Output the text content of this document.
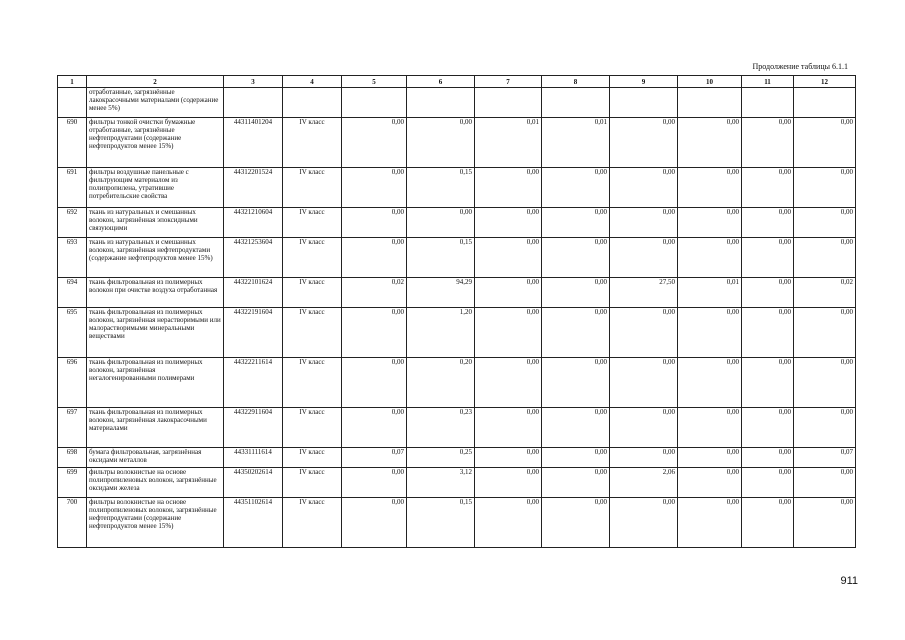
Продолжение таблицы 6.1.1
1	2	3	4	5	6	7	8	9	10	11	12
	отработанные, загрязнённые лакокрасочными материалами (содержание менее 5%)										
690	фильтры тонкой очистки бумажные отработанные, загрязнённые нефтепродуктами (содержание нефтепродуктов менее 15%)	44311401204	IV класс	0,00	0,00	0,01	0,01	0,00	0,00	0,00	0,00
691	фильтры воздушные панельные с фильтрующим материалом из полипропилена, утратившие потребительские свойства	44312201524	IV класс	0,00	0,15	0,00	0,00	0,00	0,00	0,00	0,00
692	ткань из натуральных и смешанных волокон, загрязнённая эпоксидными связующими	44321210604	IV класс	0,00	0,00	0,00	0,00	0,00	0,00	0,00	0,00
693	ткань из натуральных и смешанных волокон, загрязнённая нефтепродуктами (содержание нефтепродуктов менее 15%)	44321253604	IV класс	0,00	0,15	0,00	0,00	0,00	0,00	0,00	0,00
694	ткань фильтровальная из полимерных волокон при очистке воздуха отработанная	44322101624	IV класс	0,02	94,29	0,00	0,00	27,50	0,01	0,00	0,02
695	ткань фильтровальная из полимерных волокон, загрязнённая нерастворимыми или малорастворимыми минеральными веществами	44322191604	IV класс	0,00	1,20	0,00	0,00	0,00	0,00	0,00	0,00
696	ткань фильтровальная из полимерных волокон, загрязнённая негалогенированными полимерами	44322211614	IV класс	0,00	0,20	0,00	0,00	0,00	0,00	0,00	0,00
697	ткань фильтровальная из полимерных волокон, загрязнённая лакокрасочными материалами	44322911604	IV класс	0,00	0,23	0,00	0,00	0,00	0,00	0,00	0,00
698	бумага фильтровальная, загрязнённая оксидами металлов	44331111614	IV класс	0,07	0,25	0,00	0,00	0,00	0,00	0,00	0,07
699	фильтры волокнистые на основе полипропиленовых волокон, загрязнённые оксидами железа	44350202614	IV класс	0,00	3,12	0,00	0,00	2,06	0,00	0,00	0,00
700	фильтры волокнистые на основе полипропиленовых волокон, загрязнённые нефтепродуктами (содержание нефтепродуктов менее 15%)	44351102614	IV класс	0,00	0,15	0,00	0,00	0,00	0,00	0,00	0,00
911
